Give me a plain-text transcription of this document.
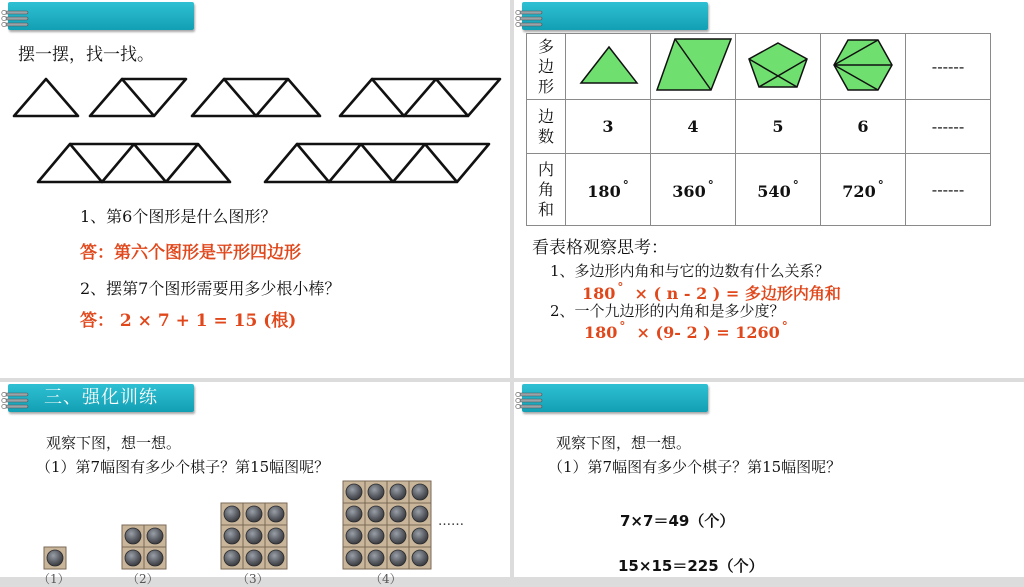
摆一摆，找一找。
1、第6个图形是什么图形？
答：第六个图形是平形四边形
2、摆第7个图形需要用多少根小棒？
答： 2 × 7 + 1 = 15 (根)
多
边
形					------

边
数	3	4	5	6	------

内
角
和	180 °	360 °	540 °	720 °	------
看表格观察思考：
1、多边形内角和与它的边数有什么关系？
180 ° × ( n - 2 ) = 多边形内角和
2、一个九边形的内角和是多少度？
180 ° × (9- 2 ) = 1260 °
三、强化训练
观察下图，想一想。
（1）第7幅图有多少个棋子？第15幅图呢？
（1）	（2）	（3）	（4）
……
观察下图，想一想。
（1）第7幅图有多少个棋子？第15幅图呢？
7×7＝49（个）
15×15＝225（个）
